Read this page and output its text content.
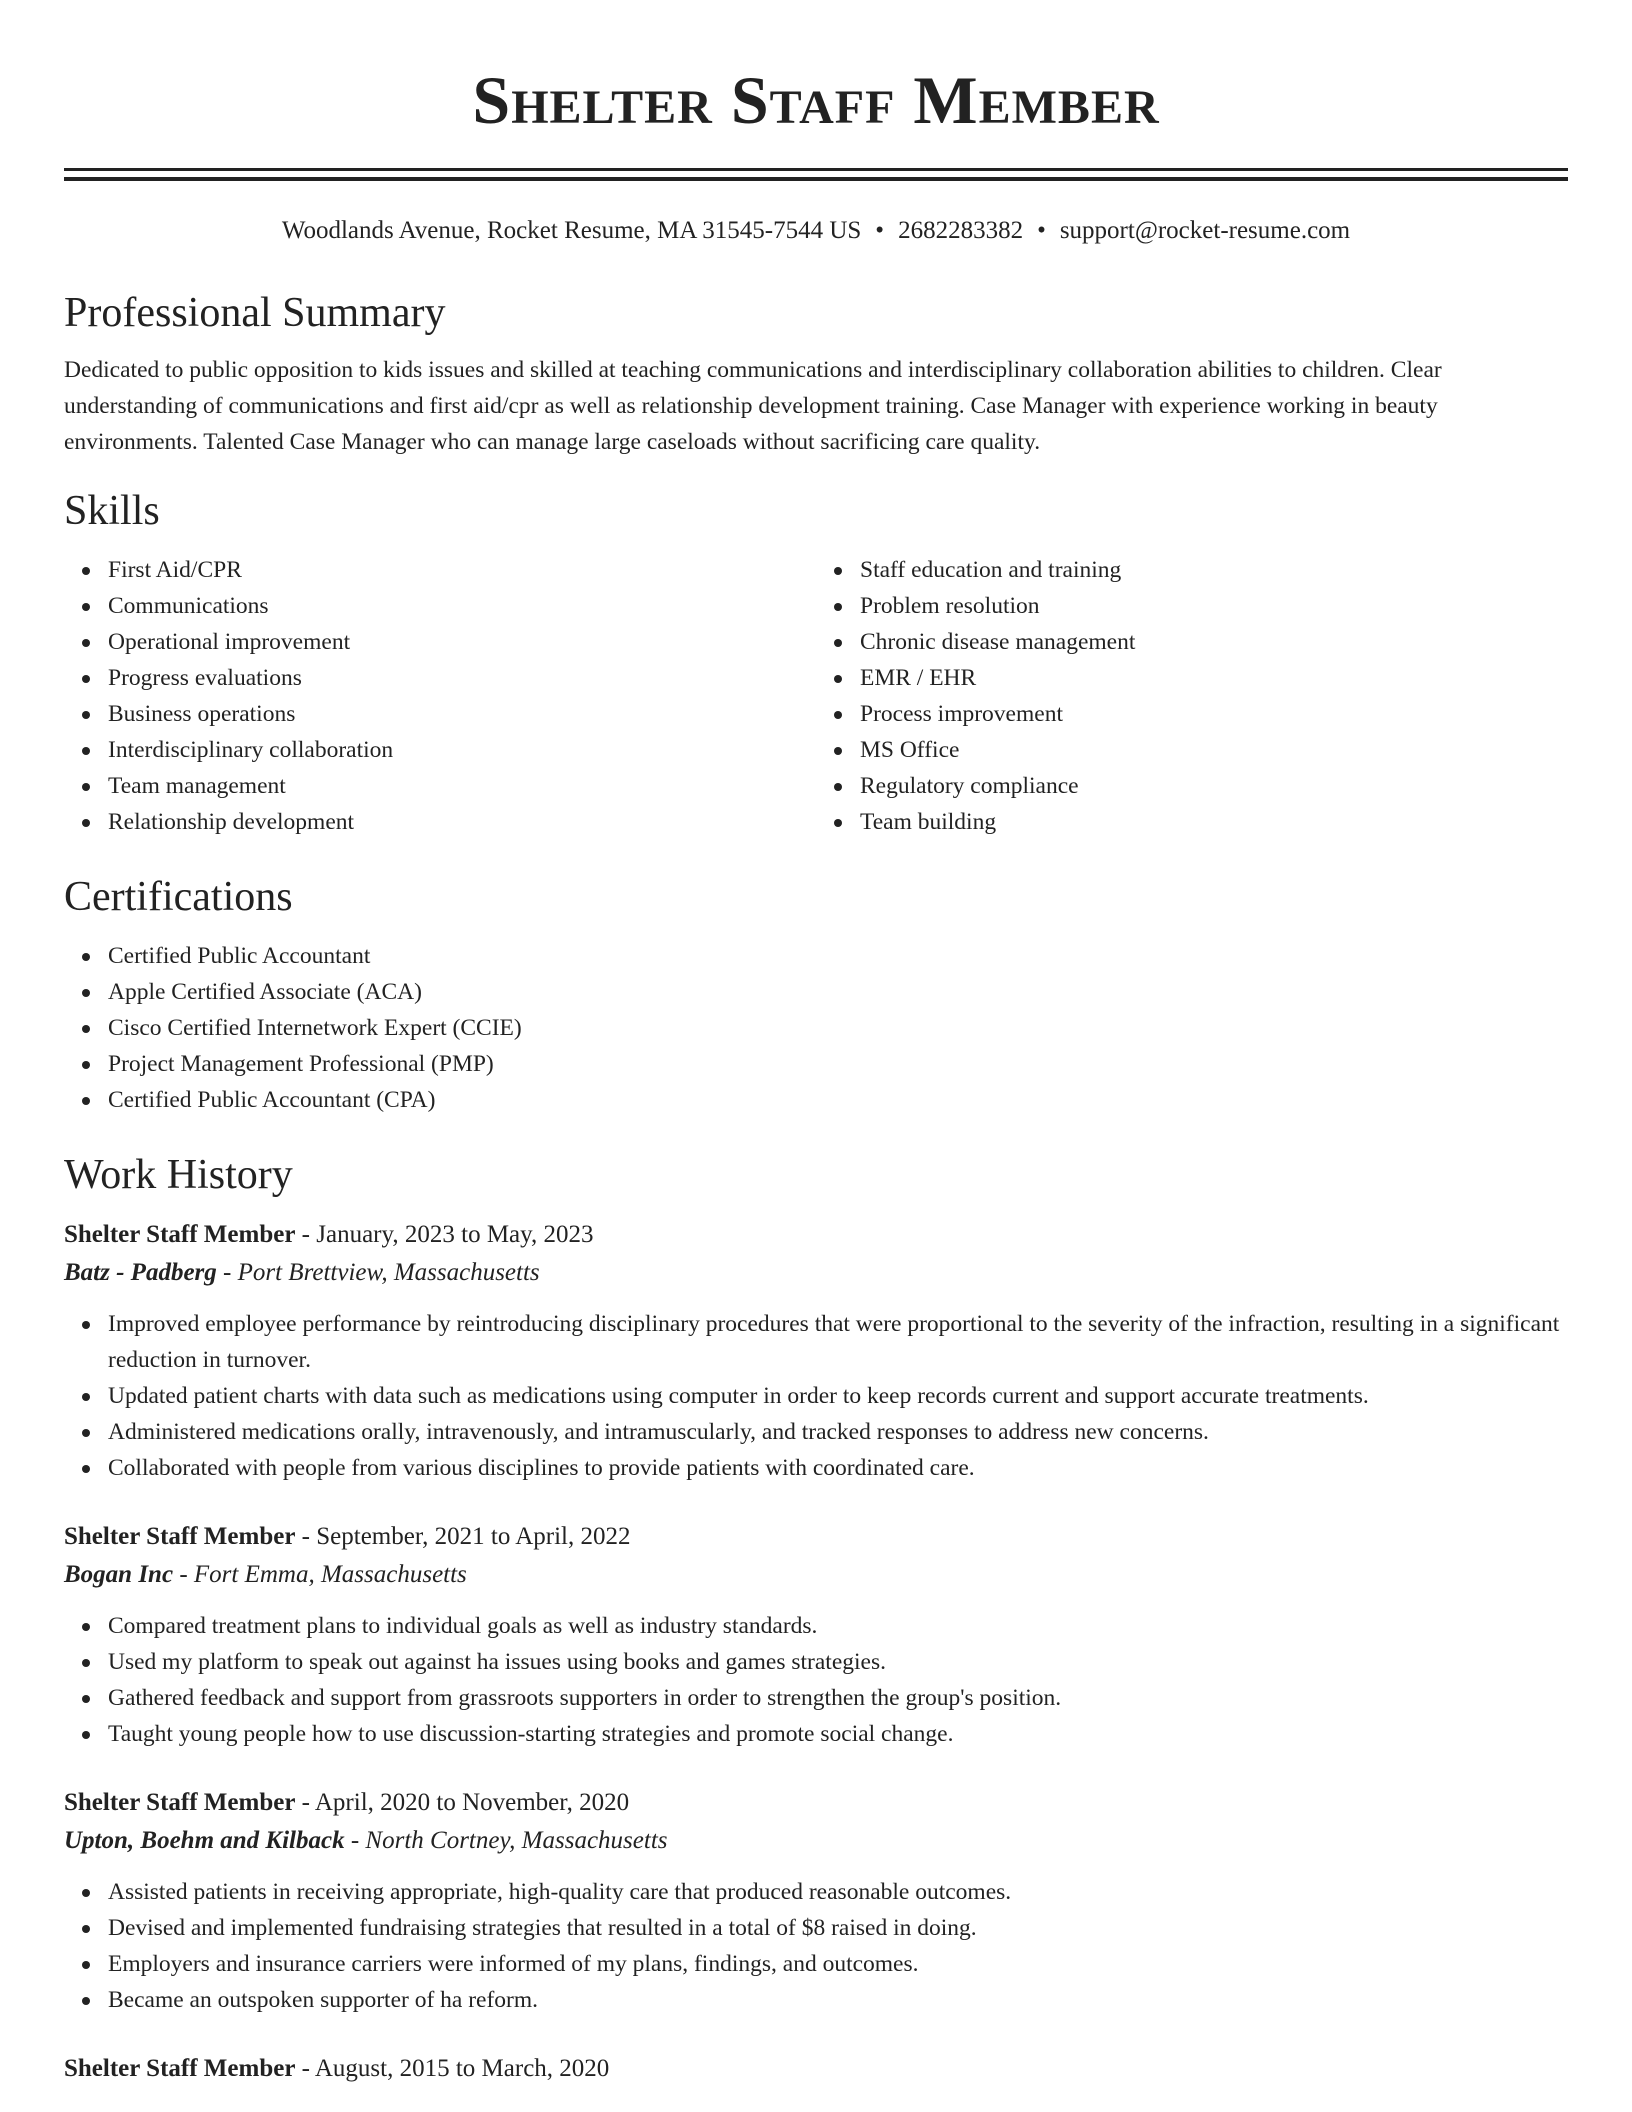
Shelter Staff Member
Woodlands Avenue, Rocket Resume, MA 31545-7544 US • 2682283382 • support@rocket-resume.com
Professional Summary
Dedicated to public opposition to kids issues and skilled at teaching communications and interdisciplinary collaboration abilities to children. Clear understanding of communications and first aid/cpr as well as relationship development training. Case Manager with experience working in beauty environments. Talented Case Manager who can manage large caseloads without sacrificing care quality.
Skills
First Aid/CPR
Communications
Operational improvement
Progress evaluations
Business operations
Interdisciplinary collaboration
Team management
Relationship development
Staff education and training
Problem resolution
Chronic disease management
EMR / EHR
Process improvement
MS Office
Regulatory compliance
Team building
Certifications
Certified Public Accountant
Apple Certified Associate (ACA)
Cisco Certified Internetwork Expert (CCIE)
Project Management Professional (PMP)
Certified Public Accountant (CPA)
Work History
Shelter Staff Member - January, 2023 to May, 2023
Batz - Padberg - Port Brettview, Massachusetts
Improved employee performance by reintroducing disciplinary procedures that were proportional to the severity of the infraction, resulting in a significant reduction in turnover.
Updated patient charts with data such as medications using computer in order to keep records current and support accurate treatments.
Administered medications orally, intravenously, and intramuscularly, and tracked responses to address new concerns.
Collaborated with people from various disciplines to provide patients with coordinated care.
Shelter Staff Member - September, 2021 to April, 2022
Bogan Inc - Fort Emma, Massachusetts
Compared treatment plans to individual goals as well as industry standards.
Used my platform to speak out against ha issues using books and games strategies.
Gathered feedback and support from grassroots supporters in order to strengthen the group's position.
Taught young people how to use discussion-starting strategies and promote social change.
Shelter Staff Member - April, 2020 to November, 2020
Upton, Boehm and Kilback - North Cortney, Massachusetts
Assisted patients in receiving appropriate, high-quality care that produced reasonable outcomes.
Devised and implemented fundraising strategies that resulted in a total of $8 raised in doing.
Employers and insurance carriers were informed of my plans, findings, and outcomes.
Became an outspoken supporter of ha reform.
Shelter Staff Member - August, 2015 to March, 2020
